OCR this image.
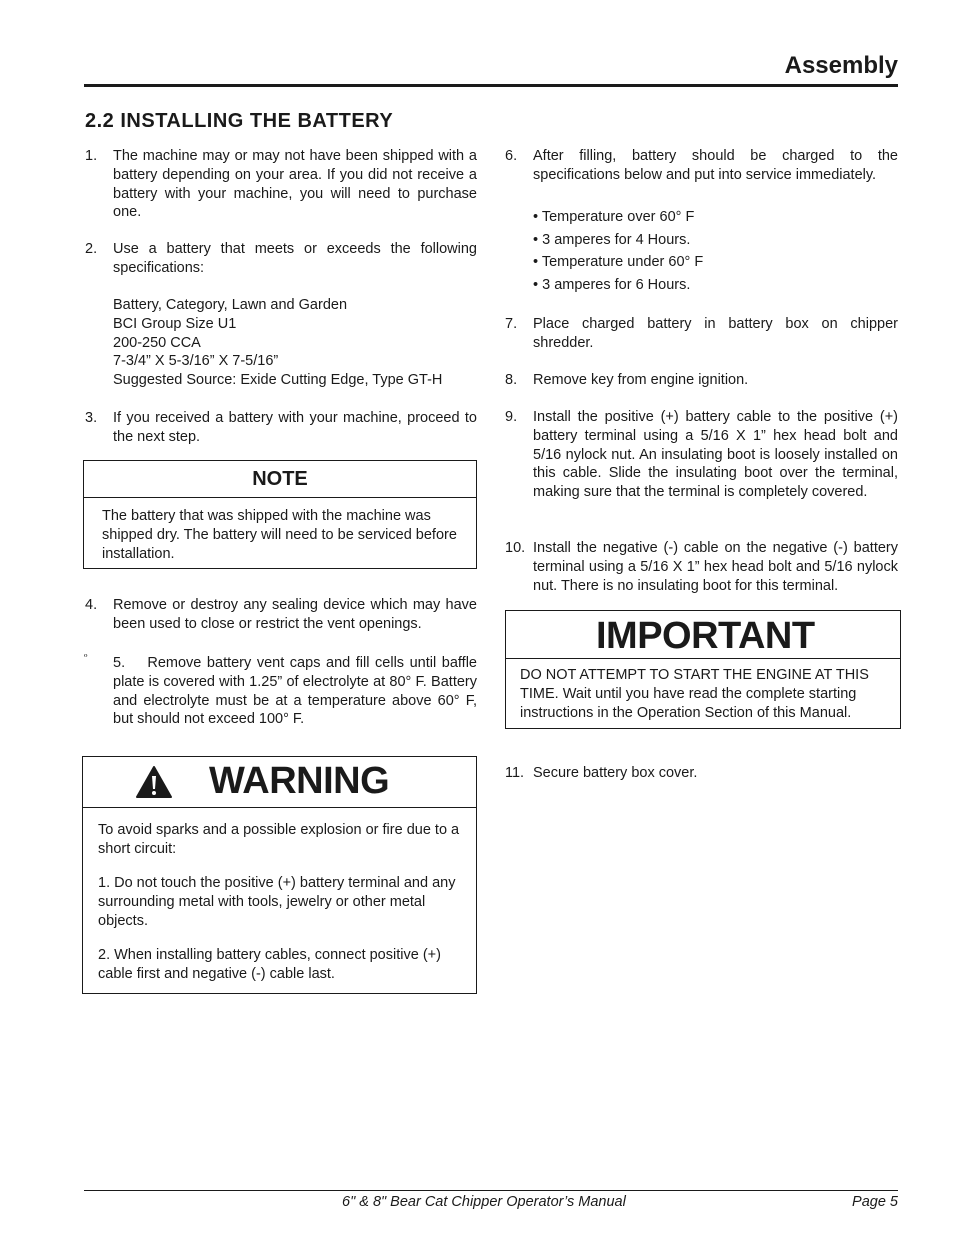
Assembly
2.2 INSTALLING THE BATTERY
1. The machine may or may not have been shipped with a battery depending on your area. If you did not receive a battery with your machine, you will need to purchase one.
2. Use a battery that meets or exceeds the following specifications:
Battery, Category, Lawn and Garden
BCI Group Size U1
200-250 CCA
7-3/4” X 5-3/16” X 7-5/16”
Suggested Source: Exide Cutting Edge, Type GT-H
3. If you received a battery with your machine, proceed to the next step.
NOTE
The battery that was shipped with the machine was shipped dry. The battery will need to be serviced before installation.
4. Remove or destroy any sealing device which may have been used to close or restrict the vent openings.
º 5. Remove battery vent caps and fill cells until baffle plate is covered with 1.25” of electrolyte at 80° F. Battery and electrolyte must be at a temperature above 60° F, but should not exceed 100° F.
WARNING

To avoid sparks and a possible explosion or fire due to a short circuit:

1. Do not touch the positive (+) battery terminal and any surrounding metal with tools, jewelry or other metal objects.

2. When installing battery cables, connect positive (+) cable first and negative (-) cable last.

6. After filling, battery should be charged to the specifications below and put into service immediately.
• Temperature over 60° F
• 3 amperes for 4 Hours.
• Temperature under 60° F
• 3 amperes for 6 Hours.
7. Place charged battery in battery box on chipper shredder.
8. Remove key from engine ignition.
9. Install the positive (+) battery cable to the positive (+) battery terminal using a 5/16 X 1” hex head bolt and 5/16 nylock nut. An insulating boot is loosely installed on this cable. Slide the insulating boot over the terminal, making sure that the terminal is completely covered.
10. Install the negative (-) cable on the negative (-) battery terminal using a 5/16 X 1” hex head bolt and 5/16 nylock nut. There is no insulating boot for this terminal.
IMPORTANT
DO NOT ATTEMPT TO START THE ENGINE AT THIS TIME. Wait until you have read the complete starting instructions in the Operation Section of this Manual.
11. Secure battery box cover.
6" & 8" Bear Cat Chipper Operator’s Manual	Page 5
